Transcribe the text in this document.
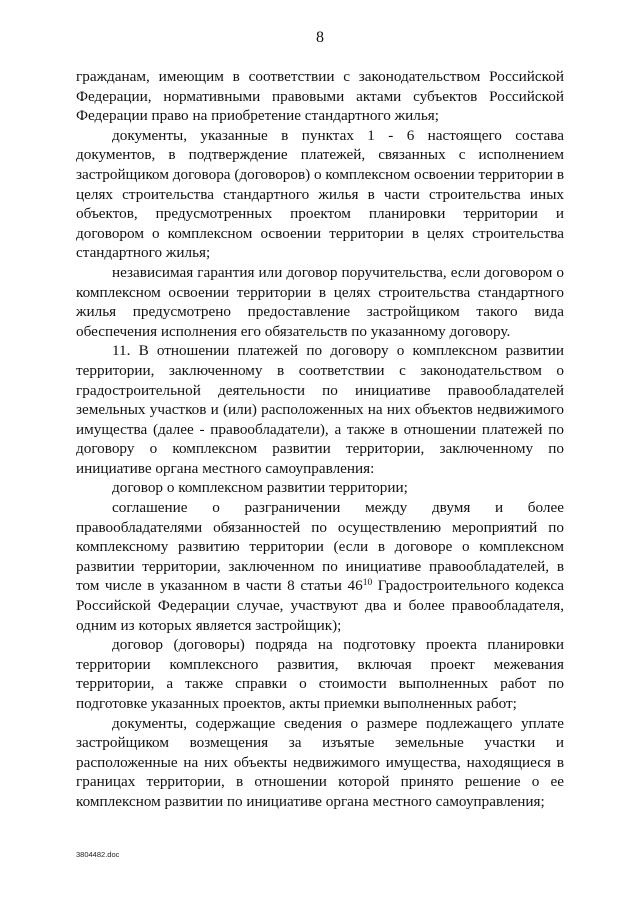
8

гражданам, имеющим в соответствии с законодательством Российской Федерации, нормативными правовыми актами субъектов Российской Федерации право на приобретение стандартного жилья;

документы, указанные в пунктах 1 - 6 настоящего состава документов, в подтверждение платежей, связанных с исполнением застройщиком договора (договоров) о комплексном освоении территории в целях строительства стандартного жилья в части строительства иных объектов, предусмотренных проектом планировки территории и договором о комплексном освоении территории в целях строительства стандартного жилья;

независимая гарантия или договор поручительства, если договором о комплексном освоении территории в целях строительства стандартного жилья предусмотрено предоставление застройщиком такого вида обеспечения исполнения его обязательств по указанному договору.

11. В отношении платежей по договору о комплексном развитии территории, заключенному в соответствии с законодательством о градостроительной деятельности по инициативе правообладателей земельных участков и (или) расположенных на них объектов недвижимого имущества (далее - правообладатели), а также в отношении платежей по договору о комплексном развитии территории, заключенному по инициативе органа местного самоуправления:

договор о комплексном развитии территории;

соглашение о разграничении между двумя и более правообладателями обязанностей по осуществлению мероприятий по комплексному развитию территории (если в договоре о комплексном развитии территории, заключенном по инициативе правообладателей, в том числе в указанном в части 8 статьи $46^{10}$ Градостроительного кодекса Российской Федерации случае, участвуют два и более правообладателя, одним из которых является застройщик);

договор (договоры) подряда на подготовку проекта планировки территории комплексного развития, включая проект межевания территории, а также справки о стоимости выполненных работ по подготовке указанных проектов, акты приемки выполненных работ;

документы, содержащие сведения о размере подлежащего уплате застройщиком возмещения за изъятые земельные участки и расположенные на них объекты недвижимого имущества, находящиеся в границах территории, в отношении которой принято решение о ее комплексном развитии по инициативе органа местного самоуправления;

3804482.doc
